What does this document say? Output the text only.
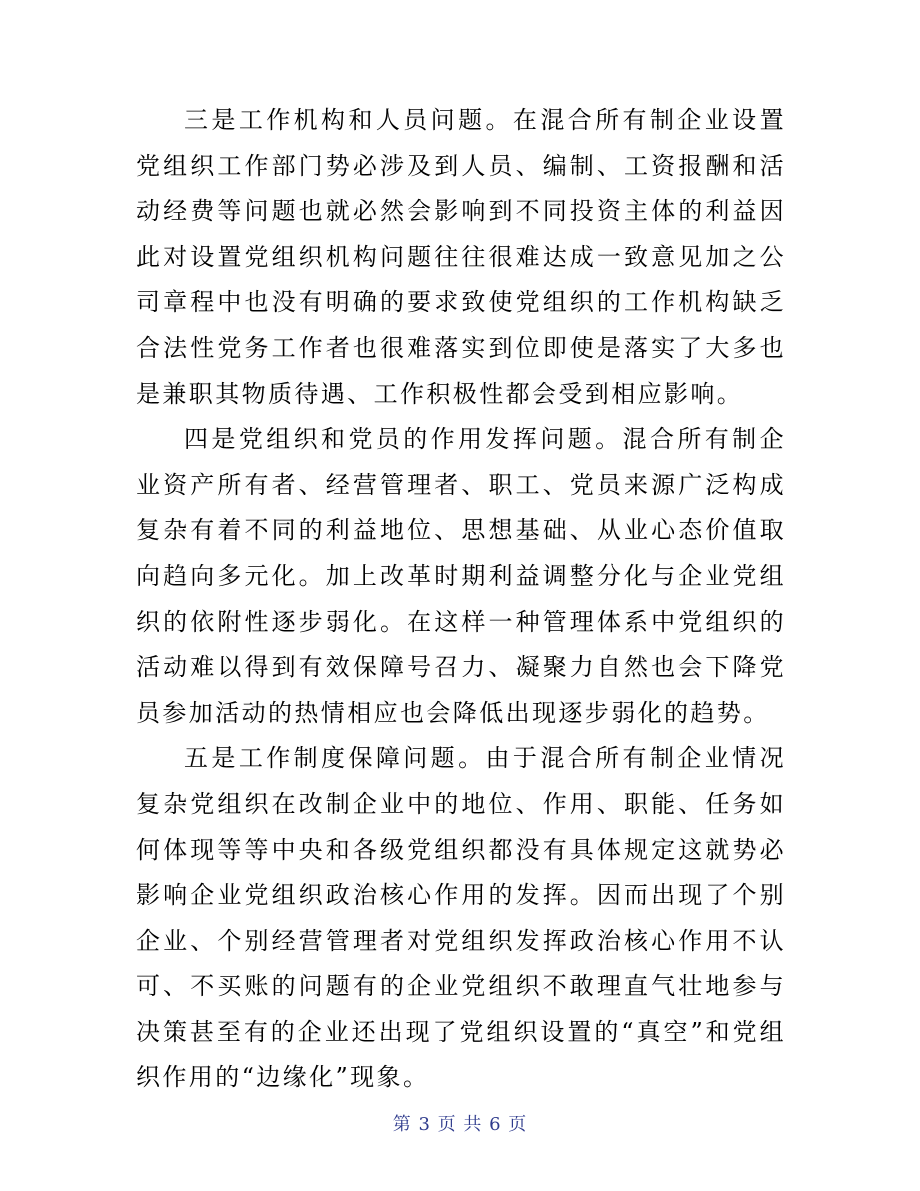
三是工作机构和人员问题。在混合所有制企业设置党组织工作部门势必涉及到人员、编制、工资报酬和活动经费等问题也就必然会影响到不同投资主体的利益因此对设置党组织机构问题往往很难达成一致意见加之公司章程中也没有明确的要求致使党组织的工作机构缺乏合法性党务工作者也很难落实到位即使是落实了大多也是兼职其物质待遇、工作积极性都会受到相应影响。

四是党组织和党员的作用发挥问题。混合所有制企业资产所有者、经营管理者、职工、党员来源广泛构成复杂有着不同的利益地位、思想基础、从业心态价值取向趋向多元化。加上改革时期利益调整分化与企业党组织的依附性逐步弱化。在这样一种管理体系中党组织的活动难以得到有效保障号召力、凝聚力自然也会下降党员参加活动的热情相应也会降低出现逐步弱化的趋势。

五是工作制度保障问题。由于混合所有制企业情况复杂党组织在改制企业中的地位、作用、职能、任务如何体现等等中央和各级党组织都没有具体规定这就势必影响企业党组织政治核心作用的发挥。因而出现了个别企业、个别经营管理者对党组织发挥政治核心作用不认可、不买账的问题有的企业党组织不敢理直气壮地参与决策甚至有的企业还出现了党组织设置的“真空”和党组织作用的“边缘化”现象。

第 3 页 共 6 页
